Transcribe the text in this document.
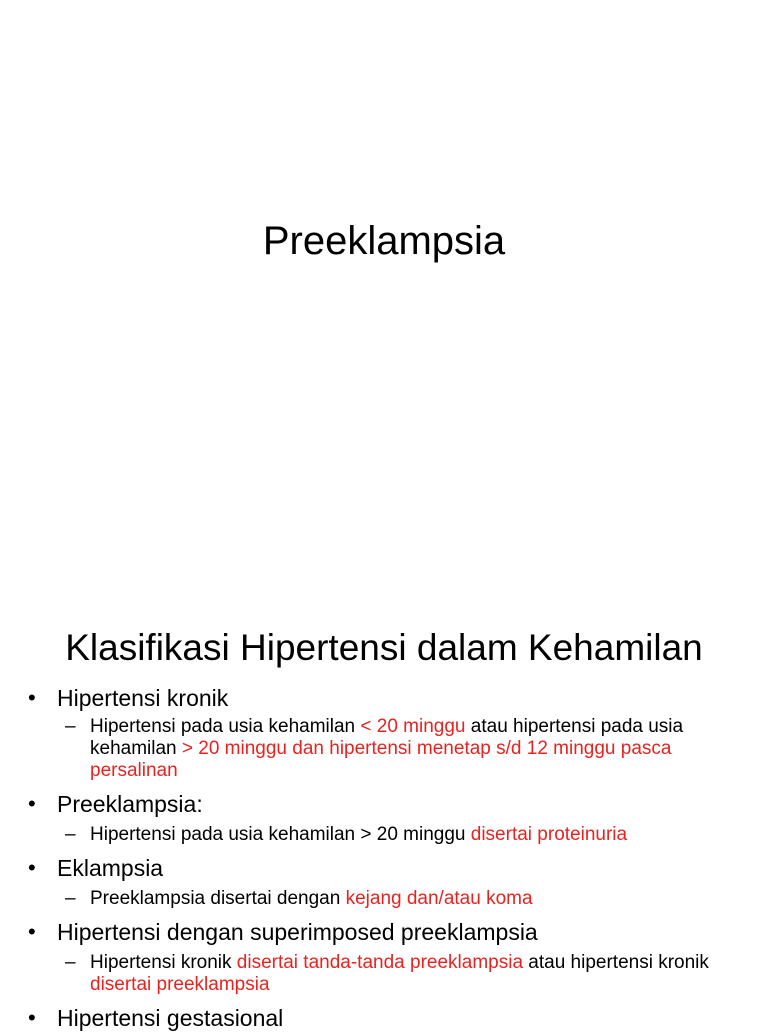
Preeklampsia
Klasifikasi Hipertensi dalam Kehamilan
• Hipertensi kronik
– Hipertensi pada usia kehamilan < 20 minggu atau hipertensi pada usia kehamilan > 20 minggu dan hipertensi menetap s/d 12 minggu pasca persalinan
• Preeklampsia:
– Hipertensi pada usia kehamilan > 20 minggu disertai proteinuria
• Eklampsia
– Preeklampsia disertai dengan kejang dan/atau koma
• Hipertensi dengan superimposed preeklampsia
– Hipertensi kronik disertai tanda-tanda preeklampsia atau hipertensi kronik disertai preeklampsia
• Hipertensi gestasional
